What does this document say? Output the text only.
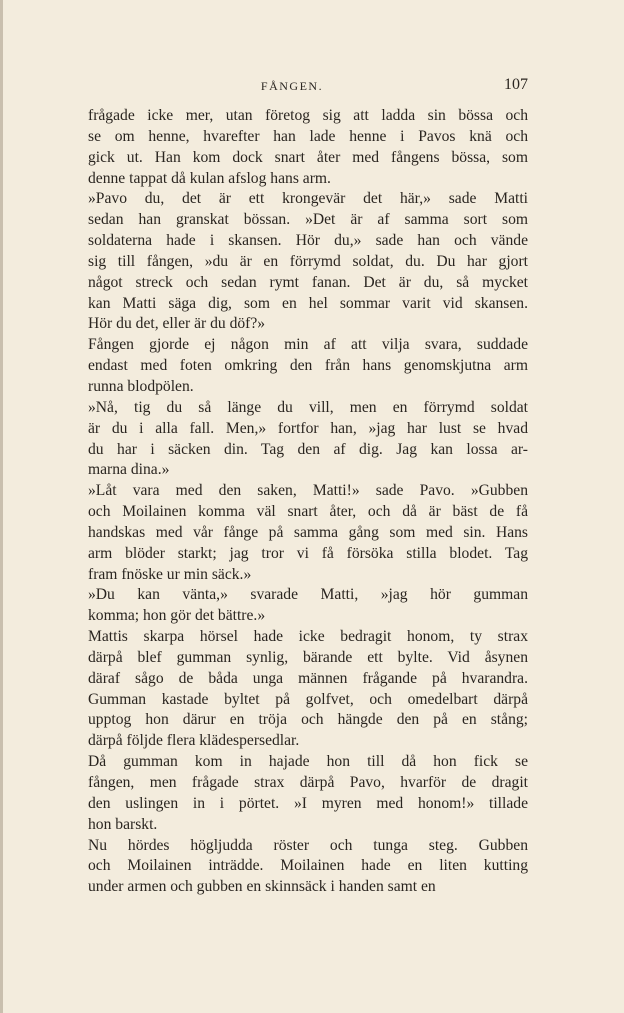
FÅNGEN.	107
frågade icke mer, utan företog sig att ladda sin bössa och
se om henne, hvarefter han lade henne i Pavos knä och
gick ut. Han kom dock snart åter med fångens bössa, som
denne tappat då kulan afslog hans arm.
»Pavo du, det är ett krongevär det här,» sade Matti
sedan han granskat bössan. »Det är af samma sort som
soldaterna hade i skansen. Hör du,» sade han och vände
sig till fången, »du är en förrymd soldat, du. Du har gjort
något streck och sedan rymt fanan. Det är du, så mycket
kan Matti säga dig, som en hel sommar varit vid skansen.
Hör du det, eller är du döf?»
Fången gjorde ej någon min af att vilja svara, suddade
endast med foten omkring den från hans genomskjutna arm
runna blodpölen.
»Nå, tig du så länge du vill, men en förrymd soldat
är du i alla fall. Men,» fortfor han, »jag har lust se hvad
du har i säcken din. Tag den af dig. Jag kan lossa ar-
marna dina.»
»Låt vara med den saken, Matti!» sade Pavo. »Gubben
och Moilainen komma väl snart åter, och då är bäst de få
handskas med vår fånge på samma gång som med sin. Hans
arm blöder starkt; jag tror vi få försöka stilla blodet. Tag
fram fnöske ur min säck.»
»Du kan vänta,» svarade Matti, »jag hör gumman
komma; hon gör det bättre.»
Mattis skarpa hörsel hade icke bedragit honom, ty strax
därpå blef gumman synlig, bärande ett bylte. Vid åsynen
däraf sågo de båda unga männen frågande på hvarandra.
Gumman kastade byltet på golfvet, och omedelbart därpå
upptog hon därur en tröja och hängde den på en stång;
därpå följde flera klädespersedlar.
Då gumman kom in hajade hon till då hon fick se
fången, men frågade strax därpå Pavo, hvarför de dragit
den uslingen in i pörtet. »I myren med honom!» tillade
hon barskt.
Nu hördes högljudda röster och tunga steg. Gubben
och Moilainen inträdde. Moilainen hade en liten kutting
under armen och gubben en skinnsäck i handen samt en
